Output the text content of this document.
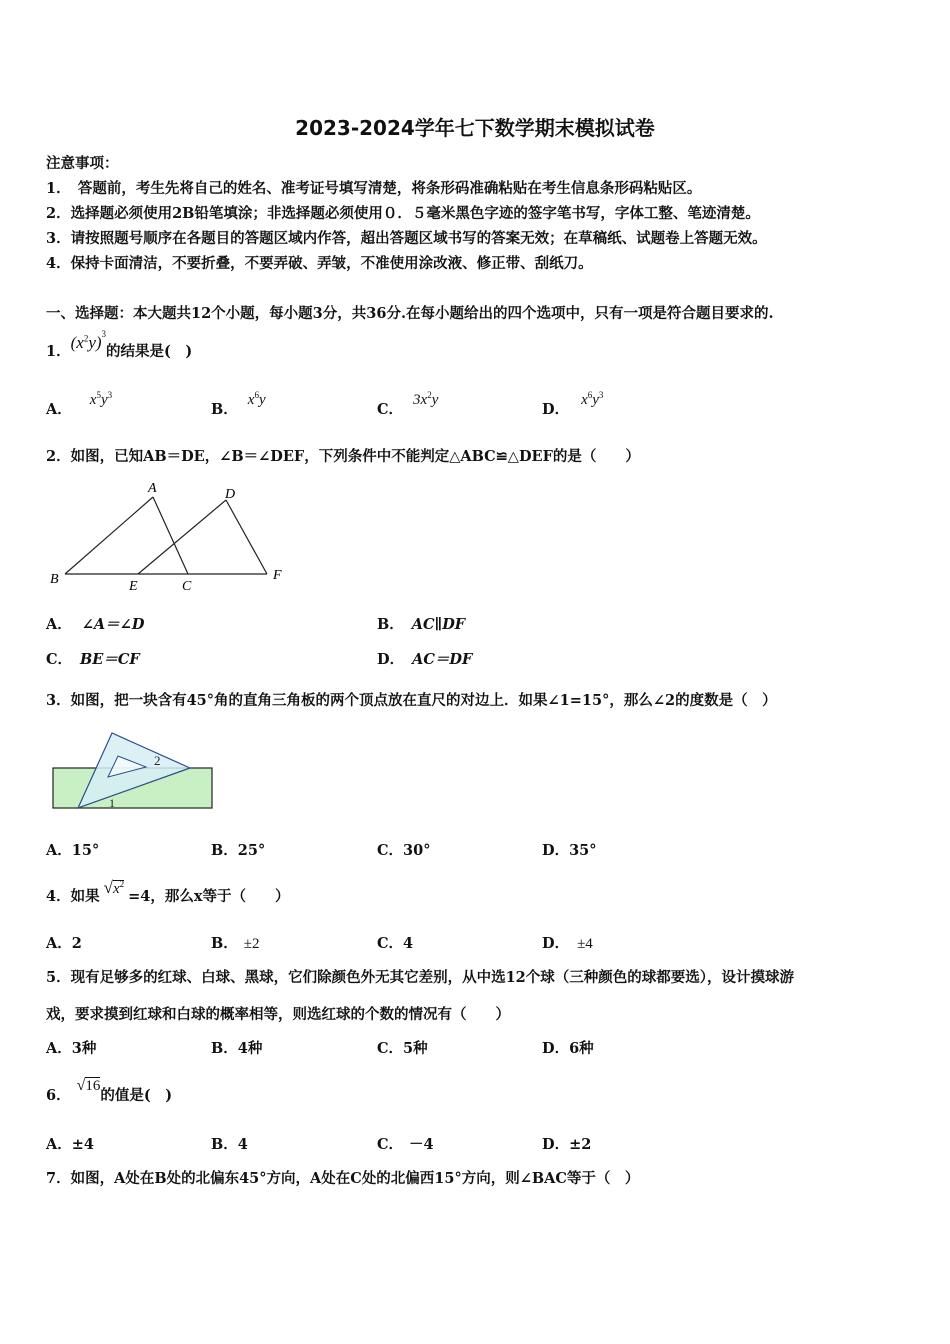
2023-2024学年七下数学期末模拟试卷
注意事项：
1．　答题前，考生先将自己的姓名、准考证号填写清楚，将条形码准确粘贴在考生信息条形码粘贴区。
2．选择题必须使用2B铅笔填涂；非选择题必须使用０．５毫米黑色字迹的签字笔书写，字体工整、笔迹清楚。
3．请按照题号顺序在各题目的答题区域内作答，超出答题区域书写的答案无效；在草稿纸、试题卷上答题无效。
4．保持卡面清洁，不要折叠，不要弄破、弄皱，不准使用涂改液、修正带、刮纸刀。
一、选择题：本大题共12个小题，每小题3分，共36分.在每小题给出的四个选项中，只有一项是符合题目要求的.
1．$(x^2y)^3$的结果是(　)
A．$x^5y^3$
B．$x^6y$
C．$3x^2y$
D．$x^6y^3$
2．如图，已知AB＝DE，∠B＝∠DEF，下列条件中不能判定△ABC≌△DEF的是（　　）
A
B	C
D
E
F
A． ∠A＝∠D	B． AC∥DF
C． BE＝CF	D． AC＝DF
3．如图，把一块含有45°角的直角三角板的两个顶点放在直尺的对边上．如果∠1=15°，那么∠2的度数是（　）
2
1
A．15°	B．25°	C．30°	D．35°
4．如果 $√x^2=4$，那么x等于（　　）
A．2	B． ±2	C．4	D． ±4
5．现有足够多的红球、白球、黑球，它们除颜色外无其它差别，从中选12个球（三种颜色的球都要选），设计摸球游
戏，要求摸到红球和白球的概率相等，则选红球的个数的情况有（　　）
A．3种	B．4种	C．5种	D．6种
6．√16的值是(　)
A．±4	B．4	C． －4	D．±2
7．如图，A处在B处的北偏东45°方向，A处在C处的北偏西15°方向，则∠BAC等于（　）
